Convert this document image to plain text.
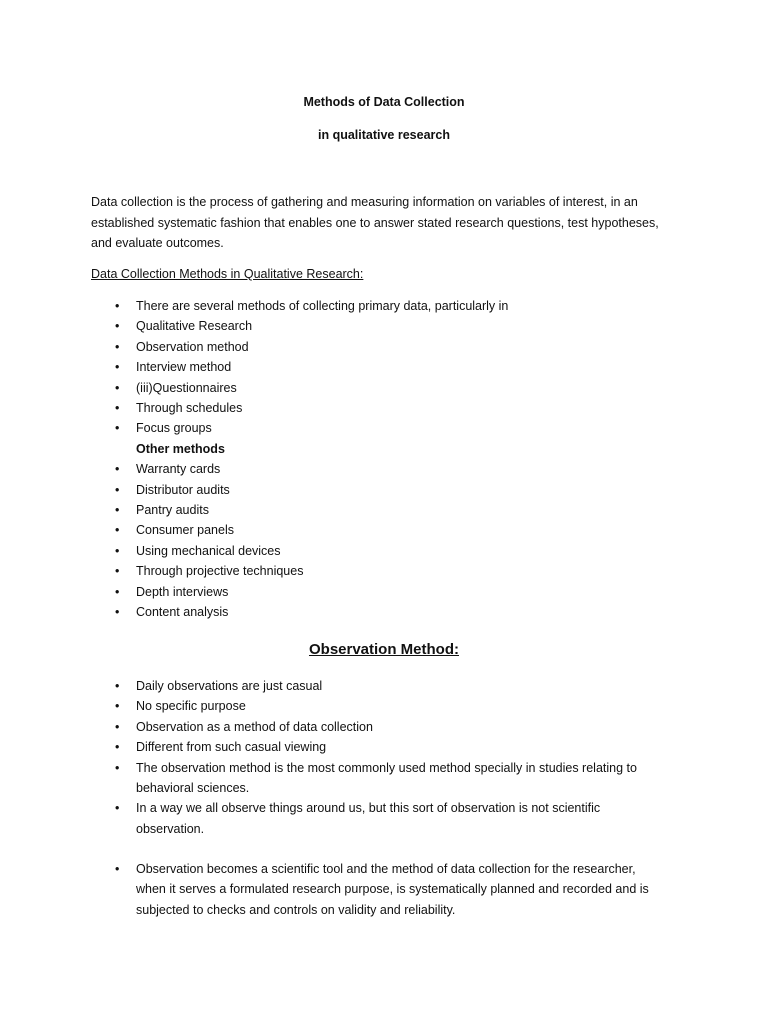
Methods of Data Collection
in qualitative research
Data collection is the process of gathering and measuring information on variables of interest, in an established systematic fashion that enables one to answer stated research questions, test hypotheses, and evaluate outcomes.
Data Collection Methods in Qualitative Research:
• There are several methods of collecting primary data, particularly in
• Qualitative Research
• Observation method
• Interview method
• (iii)Questionnaires
• Through schedules
• Focus groups
Other methods
• Warranty cards
• Distributor audits
• Pantry audits
• Consumer panels
• Using mechanical devices
• Through projective techniques
• Depth interviews
• Content analysis
Observation Method:
• Daily observations are just casual
• No specific purpose
• Observation as a method of data collection
• Different from such casual viewing
• The observation method is the most commonly used method specially in studies relating to behavioral sciences.
• In a way we all observe things around us, but this sort of observation is not scientific observation.
• Observation becomes a scientific tool and the method of data collection for the researcher, when it serves a formulated research purpose, is systematically planned and recorded and is subjected to checks and controls on validity and reliability.
